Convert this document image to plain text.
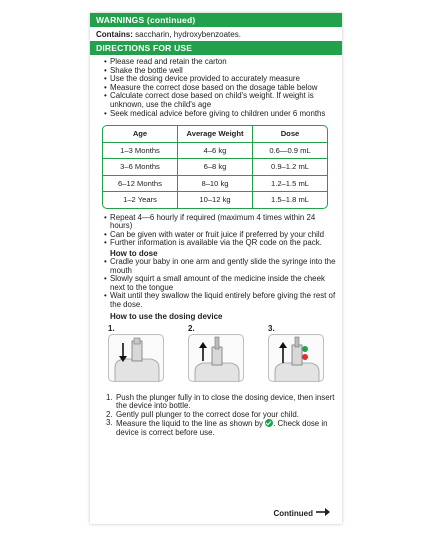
WARNINGS (continued)
Contains: saccharin, hydroxybenzoates.
DIRECTIONS FOR USE
• Please read and retain the carton
• Shake the bottle well
• Use the dosing device provided to accurately measure
• Measure the correct dose based on the dosage table below
• Calculate correct dose based on child's weight. If weight is unknown, use the child's age
• Seek medical advice before giving to children under 6 months
Age	Average Weight	Dose
1–3 Months	4–6 kg	0.6—0.9 mL
3–6 Months	6–8 kg	0.9–1.2 mL
6–12 Months	8–10 kg	1.2–1.5 mL
1–2 Years	10–12 kg	1.5–1.8 mL
• Repeat 4—6 hourly if required (maximum 4 times within 24 hours)
• Can be given with water or fruit juice if preferred by your child
• Further information is available via the QR code on the pack.
How to dose
• Cradle your baby in one arm and gently slide the syringe into the mouth
• Slowly squirt a small amount of the medicine inside the cheek next to the tongue
• Wait until they swallow the liquid entirely before giving the rest of the dose.
How to use the dosing device
1.	2.	3.
1. Push the plunger fully in to close the dosing device, then insert the device into bottle.
2. Gently pull plunger to the correct dose for your child.
3. Measure the liquid to the line as shown by . Check dose in device is correct before use.
Continued
